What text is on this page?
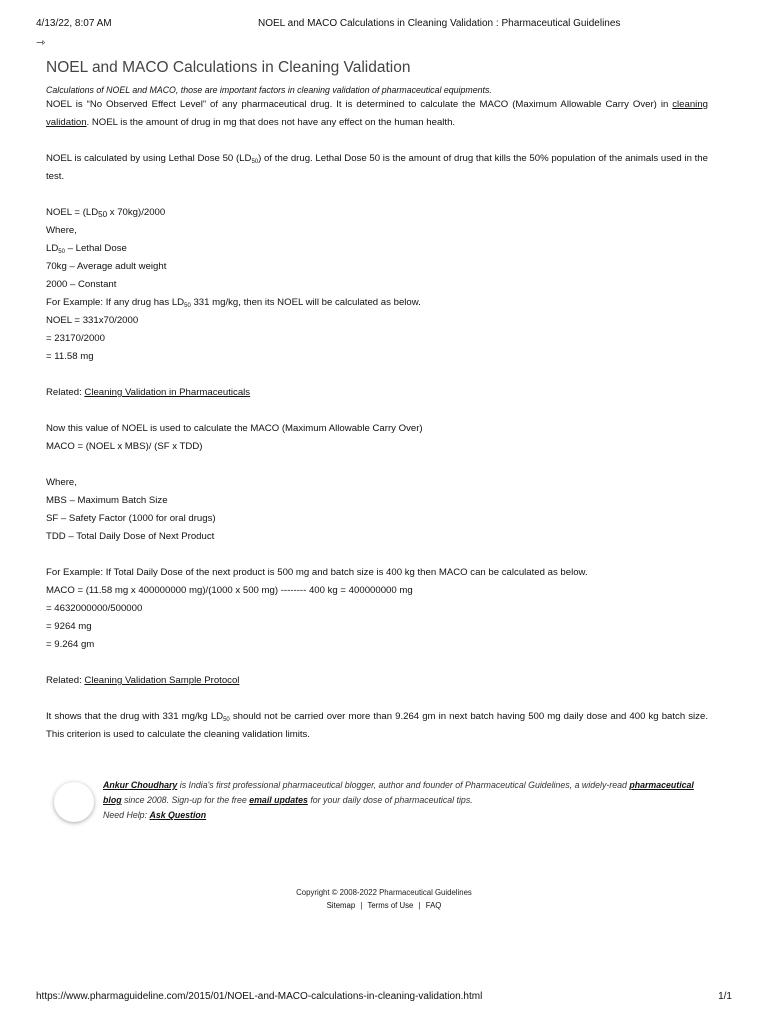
4/13/22, 8:07 AM	NOEL and MACO Calculations in Cleaning Validation : Pharmaceutical Guidelines
⇾
NOEL and MACO Calculations in Cleaning Validation

Calculations of NOEL and MACO, those are important factors in cleaning validation of pharmaceutical equipments.

NOEL is “No Observed Effect Level” of any pharmaceutical drug. It is determined to calculate the MACO (Maximum Allowable Carry Over) in cleaning validation. NOEL is the amount of drug in mg that does not have any effect on the human health.

NOEL is calculated by using Lethal Dose 50 $(LD_{50})$ of the drug. Lethal Dose 50 is the amount of drug that kills the 50% population of the animals used in the test.

NOEL = ($LD_{50}$ x 70kg)/2000

Where,

$LD_{50}$ – Lethal Dose

70kg – Average adult weight

2000 – Constant

For Example: If any drug has $LD_{50}$ 331 mg/kg, then its NOEL will be calculated as below.

NOEL = 331x70/2000

= 23170/2000

= 11.58 mg

Related: Cleaning Validation in Pharmaceuticals

Now this value of NOEL is used to calculate the MACO (Maximum Allowable Carry Over)

MACO = (NOEL x MBS)/ (SF x TDD)

Where,

MBS – Maximum Batch Size

SF – Safety Factor (1000 for oral drugs)

TDD – Total Daily Dose of Next Product

For Example: If Total Daily Dose of the next product is 500 mg and batch size is 400 kg then MACO can be calculated as below.

MACO = (11.58 mg x 400000000 mg)/(1000 x 500 mg) -------- 400 kg = 400000000 mg

= 4632000000/500000

= 9264 mg

= 9.264 gm

Related: Cleaning Validation Sample Protocol

It shows that the drug with 331 mg/kg $LD_{50}$ should not be carried over more than 9.264 gm in next batch having 500 mg daily dose and 400 kg batch size. This criterion is used to calculate the cleaning validation limits.

Ankur Choudhary is India's first professional pharmaceutical blogger, author and founder of Pharmaceutical Guidelines, a widely-read pharmaceutical blog since 2008. Sign-up for the free email updates for your daily dose of pharmaceutical tips.
Need Help: Ask Question
Copyright © 2008-2022 Pharmaceutical Guidelines
Sitemap | Terms of Use | FAQ
https://www.pharmaguideline.com/2015/01/NOEL-and-MACO-calculations-in-cleaning-validation.html	1/1
